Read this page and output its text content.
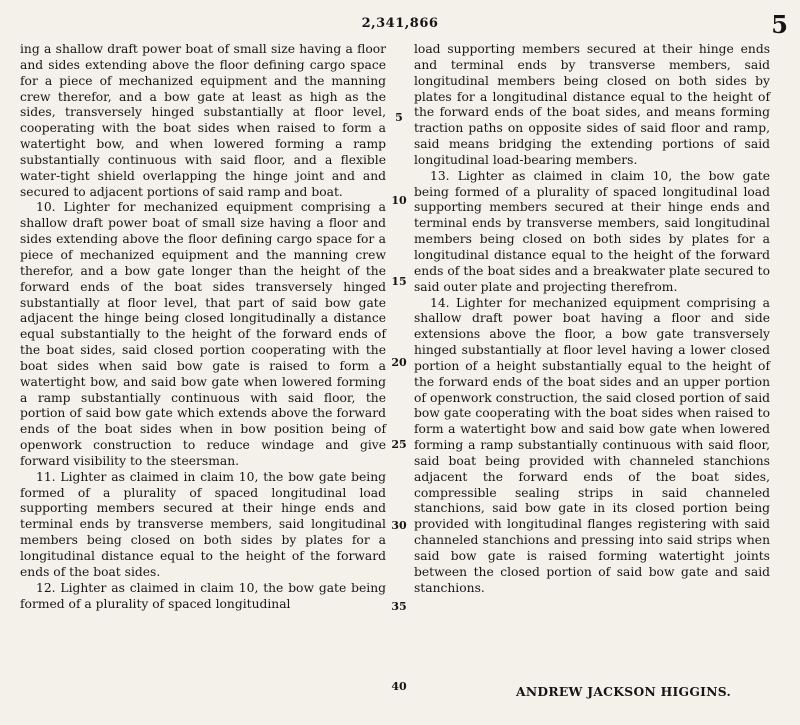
2,341,866	5

ing a shallow draft power boat of small size having a floor and sides extending above the floor defining cargo space for a piece of mechanized equipment and the manning crew therefor, and a bow gate at least as high as the sides, transversely hinged substantially at floor level, cooperating with the boat sides when raised to form a watertight bow, and when lowered forming a ramp substantially continuous with said floor, and a flexible water-tight shield overlapping the hinge joint and and secured to adjacent portions of said ramp and boat.

10. Lighter for mechanized equipment comprising a shallow draft power boat of small size having a floor and sides extending above the floor defining cargo space for a piece of mechanized equipment and the manning crew therefor, and a bow gate longer than the height of the forward ends of the boat sides transversely hinged substantially at floor level, that part of said bow gate adjacent the hinge being closed longitudinally a distance equal substantially to the height of the forward ends of the boat sides, said closed portion cooperating with the boat sides when said bow gate is raised to form a watertight bow, and said bow gate when lowered forming a ramp substantially continuous with said floor, the portion of said bow gate which extends above the forward ends of the boat sides when in bow position being of openwork construction to reduce windage and give forward visibility to the steersman.

11. Lighter as claimed in claim 10, the bow gate being formed of a plurality of spaced longitudinal load supporting members secured at their hinge ends and terminal ends by transverse members, said longitudinal members being closed on both sides by plates for a longitudinal distance equal to the height of the forward ends of the boat sides.

12. Lighter as claimed in claim 10, the bow gate being formed of a plurality of spaced longitudinal

5
10
15
20
25
30
35
40

load supporting members secured at their hinge ends and terminal ends by transverse members, said longitudinal members being closed on both sides by plates for a longitudinal distance equal to the height of the forward ends of the boat sides, and means forming traction paths on opposite sides of said floor and ramp, said means bridging the extending portions of said longitudinal load-bearing members.

13. Lighter as claimed in claim 10, the bow gate being formed of a plurality of spaced longitudinal load supporting members secured at their hinge ends and terminal ends by transverse members, said longitudinal members being closed on both sides by plates for a longitudinal distance equal to the height of the forward ends of the boat sides and a breakwater plate secured to said outer plate and projecting therefrom.

14. Lighter for mechanized equipment comprising a shallow draft power boat having a floor and side extensions above the floor, a bow gate transversely hinged substantially at floor level having a lower closed portion of a height substantially equal to the height of the forward ends of the boat sides and an upper portion of openwork construction, the said closed portion of said bow gate cooperating with the boat sides when raised to form a watertight bow and said bow gate when lowered forming a ramp substantially continuous with said floor, said boat being provided with channeled stanchions adjacent the forward ends of the boat sides, compressible sealing strips in said channeled stanchions, said bow gate in its closed portion being provided with longitudinal flanges registering with said channeled stanchions and pressing into said strips when said bow gate is raised forming watertight joints between the closed portion of said bow gate and said stanchions.

ANDREW JACKSON HIGGINS.
